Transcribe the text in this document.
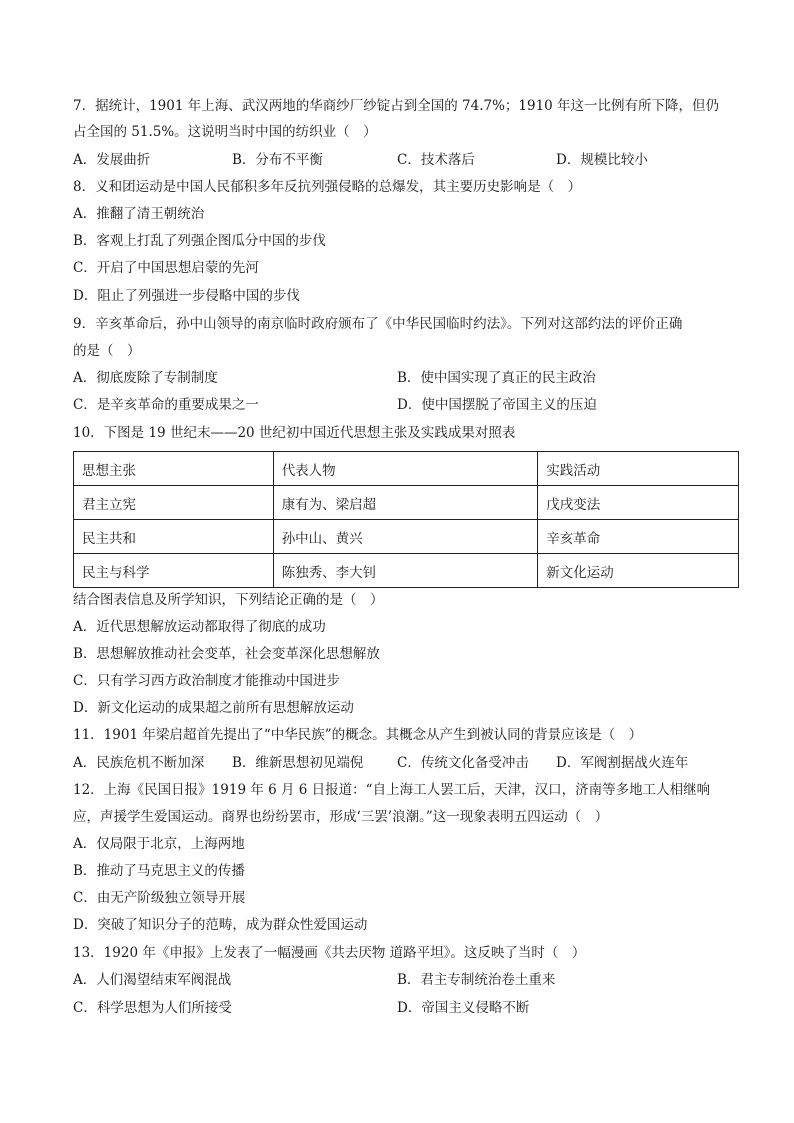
7．据统计，1901 年上海、武汉两地的华商纱厂纱锭占到全国的 74.7%；1910 年这一比例有所下降，但仍
占全国的 51.5%。这说明当时中国的纺织业（　）
A．发展曲折	B．分布不平衡	C．技术落后	D．规模比较小
8．义和团运动是中国人民郁积多年反抗列强侵略的总爆发，其主要历史影响是（　）
A．推翻了清王朝统治
B．客观上打乱了列强企图瓜分中国的步伐
C．开启了中国思想启蒙的先河
D．阻止了列强进一步侵略中国的步伐
9．辛亥革命后，孙中山领导的南京临时政府颁布了《中华民国临时约法》。下列对这部约法的评价正确
的是（　）
A．彻底废除了专制制度	B．使中国实现了真正的民主政治
C．是辛亥革命的重要成果之一	D．使中国摆脱了帝国主义的压迫
10．下图是 19 世纪末——20 世纪初中国近代思想主张及实践成果对照表
思想主张	代表人物	实践活动
君主立宪	康有为、梁启超	戊戌变法
民主共和	孙中山、黄兴	辛亥革命
民主与科学	陈独秀、李大钊	新文化运动
结合图表信息及所学知识，下列结论正确的是（　）
A．近代思想解放运动都取得了彻底的成功
B．思想解放推动社会变革，社会变革深化思想解放
C．只有学习西方政治制度才能推动中国进步
D．新文化运动的成果超之前所有思想解放运动
11．1901 年梁启超首先提出了“中华民族”的概念。其概念从产生到被认同的背景应该是（　）
A．民族危机不断加深 B．维新思想初见端倪 C．传统文化备受冲击 D．军阀割据战火连年
12．上海《民国日报》1919 年 6 月 6 日报道：“自上海工人罢工后，天津，汉口，济南等多地工人相继响
应，声援学生爱国运动。商界也纷纷罢市，形成‘三罢’浪潮。”这一现象表明五四运动（　）
A．仅局限于北京，上海两地
B．推动了马克思主义的传播
C．由无产阶级独立领导开展
D．突破了知识分子的范畴，成为群众性爱国运动
13．1920 年《申报》上发表了一幅漫画《共去厌物 道路平坦》。这反映了当时（　）
A．人们渴望结束军阀混战	B．君主专制统治卷土重来
C．科学思想为人们所接受	D．帝国主义侵略不断
